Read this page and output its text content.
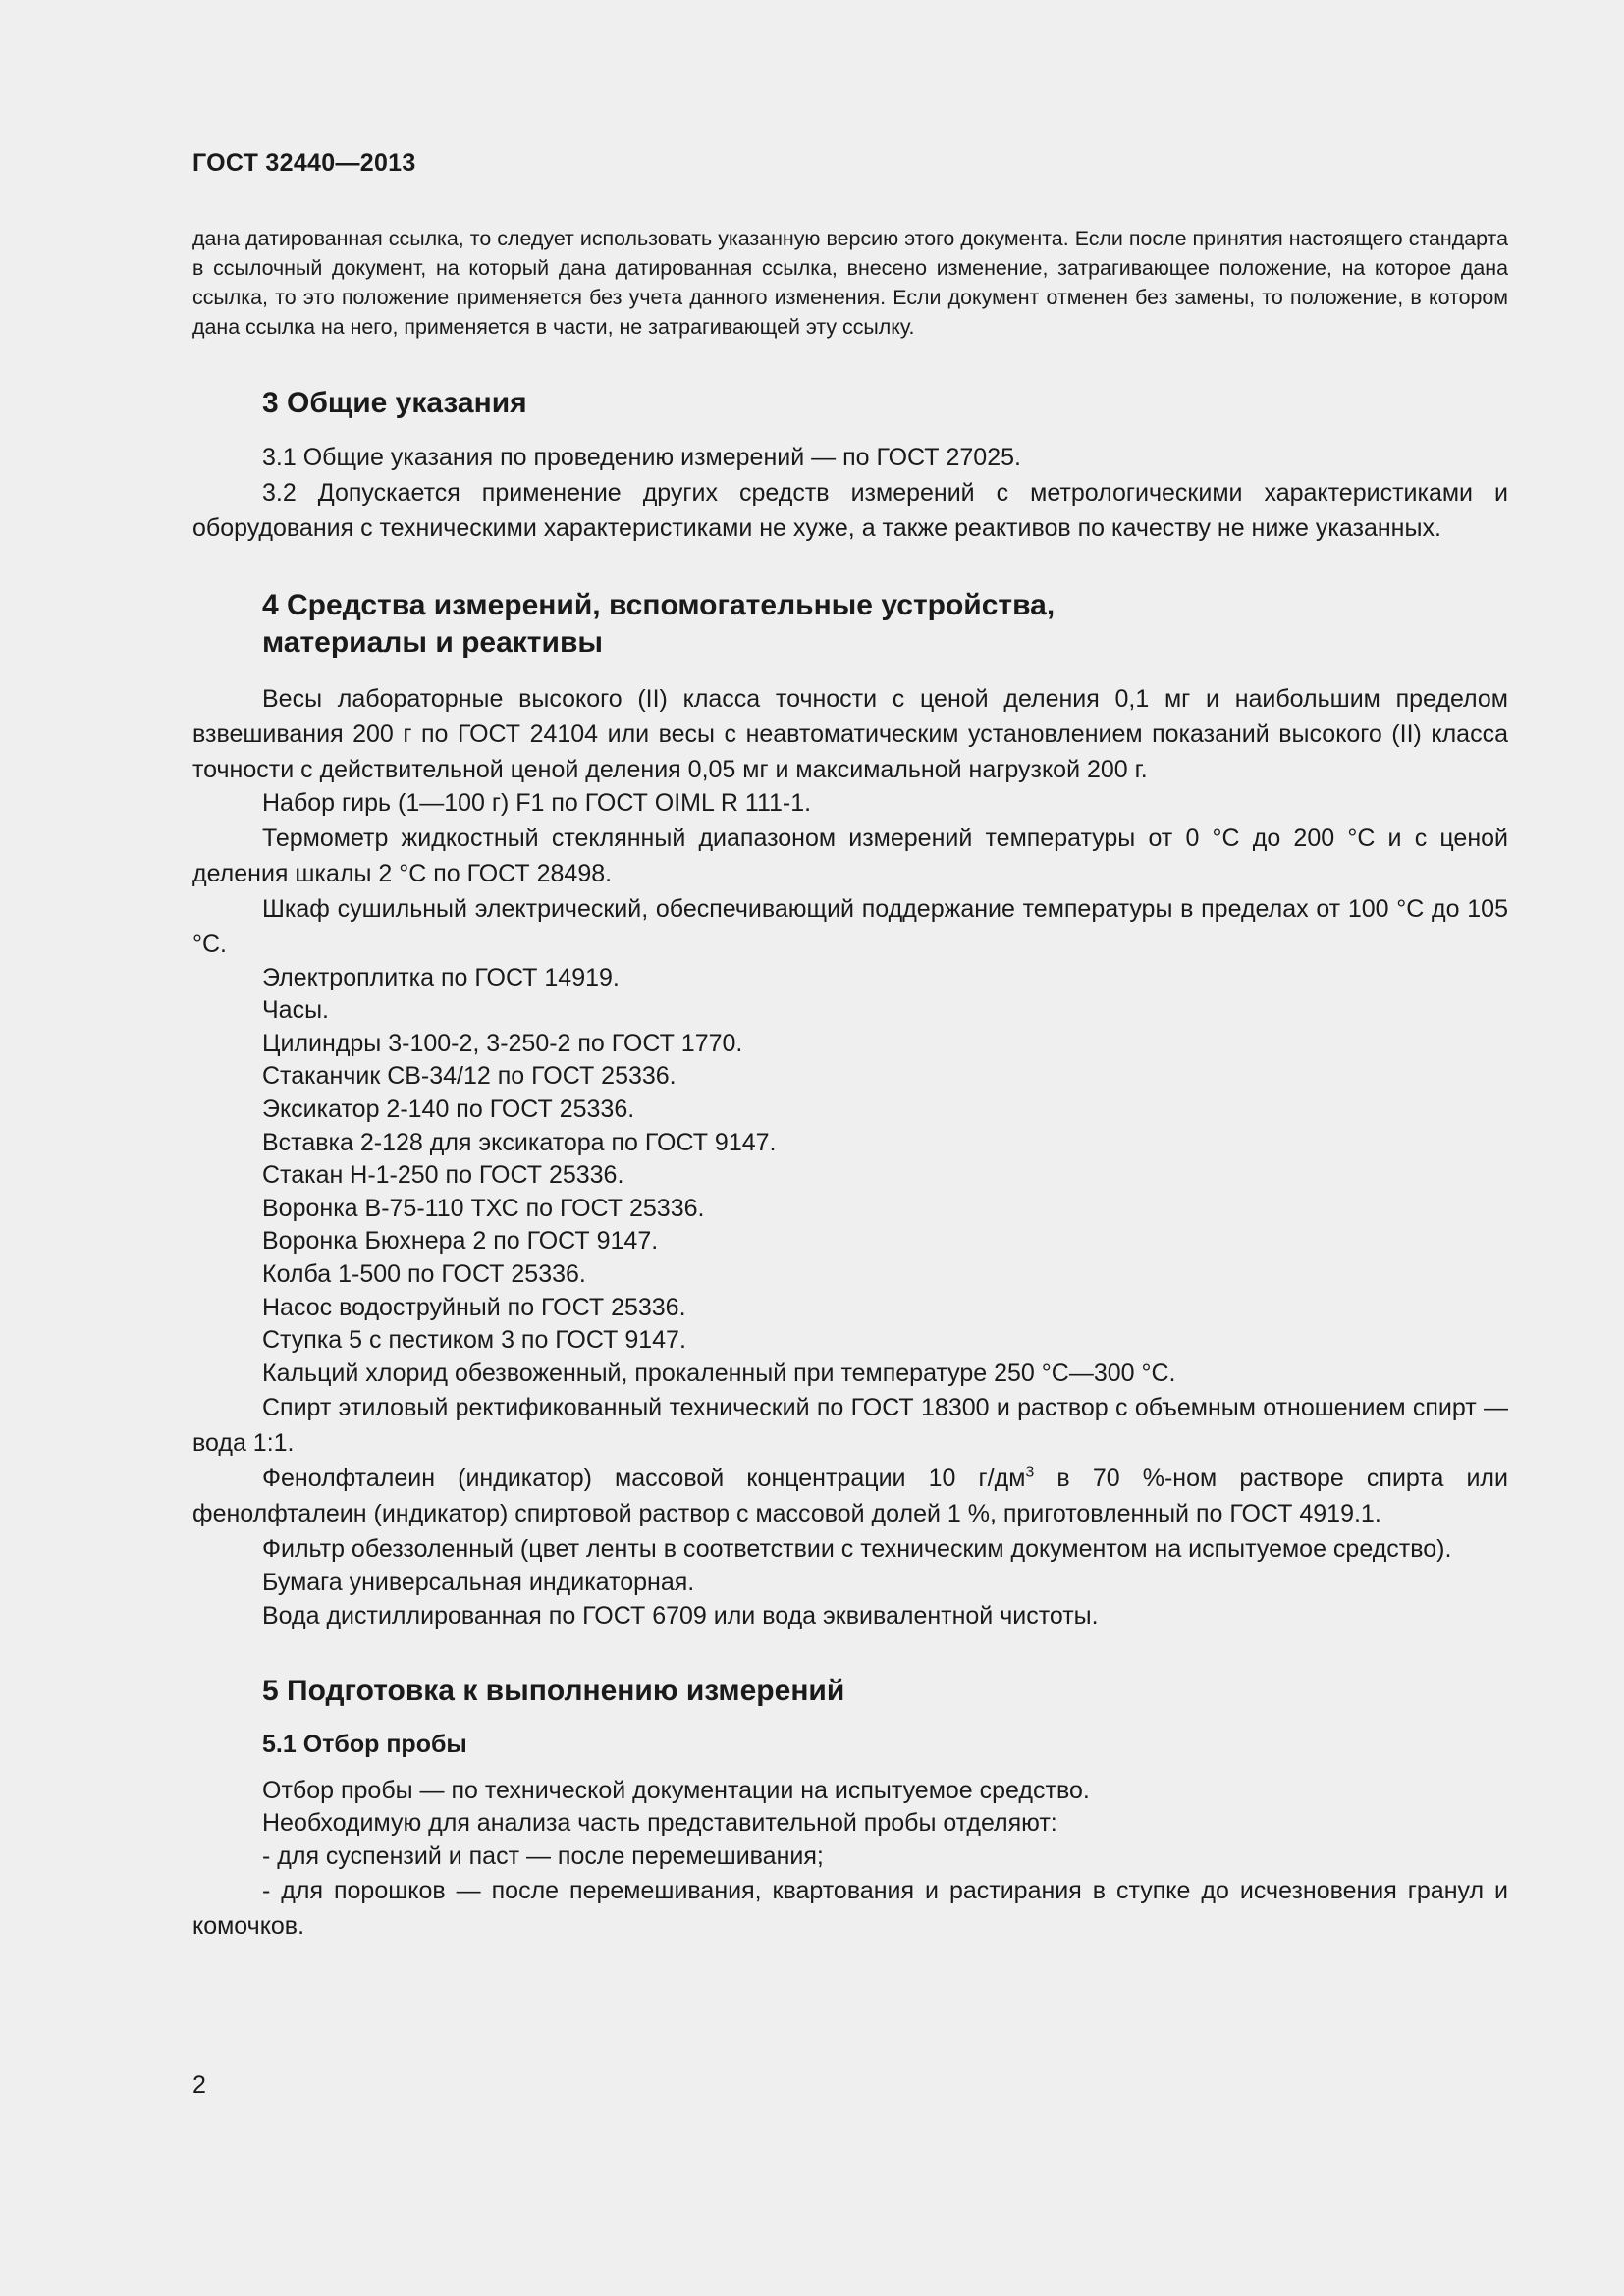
ГОСТ 32440—2013

дана датированная ссылка, то следует использовать указанную версию этого документа. Если после принятия настоящего стандарта в ссылочный документ, на который дана датированная ссылка, внесено изменение, затрагивающее положение, на которое дана ссылка, то это положение применяется без учета данного изменения. Если документ отменен без замены, то положение, в котором дана ссылка на него, применяется в части, не затрагивающей эту ссылку.

3 Общие указания

3.1 Общие указания по проведению измерений — по ГОСТ 27025.

3.2 Допускается применение других средств измерений с метрологическими характеристиками и оборудования с техническими характеристиками не хуже, а также реактивов по качеству не ниже указанных.

4 Средства измерений, вспомогательные устройства,

материалы и реактивы

Весы лабораторные высокого (II) класса точности с ценой деления 0,1 мг и наибольшим пределом взвешивания 200 г по ГОСТ 24104 или весы с неавтоматическим установлением показаний высокого (II) класса точности с действительной ценой деления 0,05 мг и максимальной нагрузкой 200 г.

Набор гирь (1—100 г) F1 по ГОСТ OIML R 111-1.

Термометр жидкостный стеклянный диапазоном измерений температуры от 0 °C до 200 °C и с ценой деления шкалы 2 °C по ГОСТ 28498.

Шкаф сушильный электрический, обеспечивающий поддержание температуры в пределах от 100 °C до 105 °C.

Электроплитка по ГОСТ 14919.

Часы.

Цилиндры 3-100-2, 3-250-2 по ГОСТ 1770.

Стаканчик СВ-34/12 по ГОСТ 25336.

Эксикатор 2-140 по ГОСТ 25336.

Вставка 2-128 для эксикатора по ГОСТ 9147.

Стакан Н-1-250 по ГОСТ 25336.

Воронка В-75-110 ТХС по ГОСТ 25336.

Воронка Бюхнера 2 по ГОСТ 9147.

Колба 1-500 по ГОСТ 25336.

Насос водоструйный по ГОСТ 25336.

Ступка 5 с пестиком 3 по ГОСТ 9147.

Кальций хлорид обезвоженный, прокаленный при температуре 250 °C—300 °C.

Спирт этиловый ректификованный технический по ГОСТ 18300 и раствор с объемным отношением спирт — вода 1:1.

Фенолфталеин (индикатор) массовой концентрации 10 $г/дм^3$ в 70 %-ном растворе спирта или фенолфталеин (индикатор) спиртовой раствор с массовой долей 1 %, приготовленный по ГОСТ 4919.1.

Фильтр обеззоленный (цвет ленты в соответствии с техническим документом на испытуемое средство).

Бумага универсальная индикаторная.

Вода дистиллированная по ГОСТ 6709 или вода эквивалентной чистоты.

5 Подготовка к выполнению измерений

5.1 Отбор пробы

Отбор пробы — по технической документации на испытуемое средство.

Необходимую для анализа часть представительной пробы отделяют:

- для суспензий и паст — после перемешивания;

- для порошков — после перемешивания, квартования и растирания в ступке до исчезновения гранул и комочков.

2
